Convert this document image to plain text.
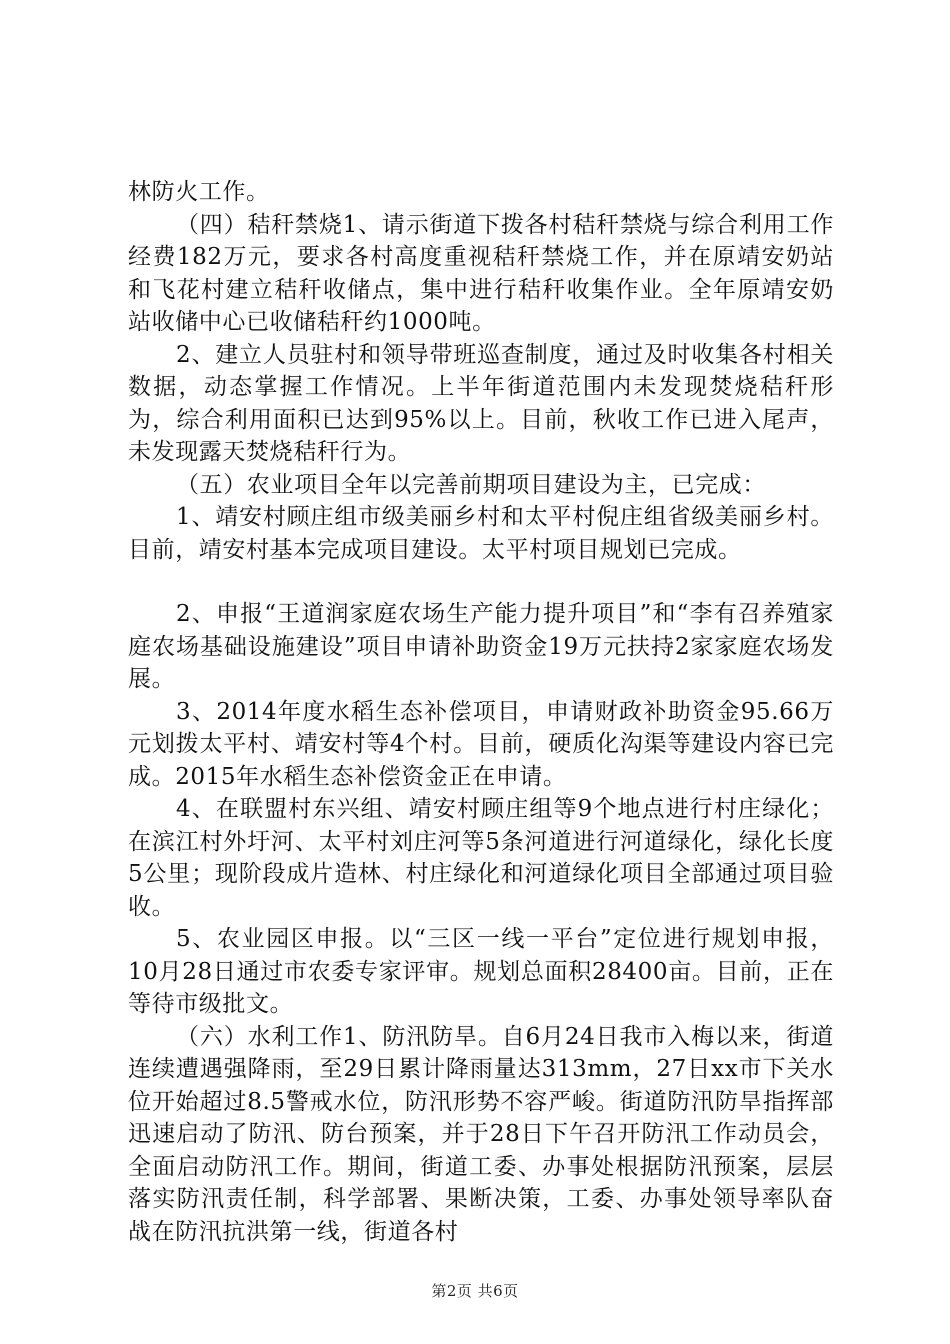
林防火工作。

（四）秸秆禁烧1、请示街道下拨各村秸秆禁烧与综合利用工作经费182万元，要求各村高度重视秸秆禁烧工作，并在原靖安奶站和飞花村建立秸秆收储点，集中进行秸秆收集作业。全年原靖安奶站收储中心已收储秸秆约1000吨。

2、建立人员驻村和领导带班巡查制度，通过及时收集各村相关数据，动态掌握工作情况。上半年街道范围内未发现焚烧秸秆形为，综合利用面积已达到95%以上。目前，秋收工作已进入尾声，未发现露天焚烧秸秆行为。

（五）农业项目全年以完善前期项目建设为主，已完成：

1、靖安村顾庄组市级美丽乡村和太平村倪庄组省级美丽乡村。目前，靖安村基本完成项目建设。太平村项目规划已完成。

2、申报“王道润家庭农场生产能力提升项目”和“李有召养殖家庭农场基础设施建设”项目申请补助资金19万元扶持2家家庭农场发展。

3、2014年度水稻生态补偿项目，申请财政补助资金95.66万元划拨太平村、靖安村等4个村。目前，硬质化沟渠等建设内容已完成。2015年水稻生态补偿资金正在申请。

4、在联盟村东兴组、靖安村顾庄组等9个地点进行村庄绿化；在滨江村外圩河、太平村刘庄河等5条河道进行河道绿化，绿化长度5公里；现阶段成片造林、村庄绿化和河道绿化项目全部通过项目验收。

5、农业园区申报。以“三区一线一平台”定位进行规划申报，10月28日通过市农委专家评审。规划总面积28400亩。目前，正在等待市级批文。

（六）水利工作1、防汛防旱。自6月24日我市入梅以来，街道连续遭遇强降雨，至29日累计降雨量达313mm，27日xx市下关水位开始超过8.5警戒水位，防汛形势不容严峻。街道防汛防旱指挥部迅速启动了防汛、防台预案，并于28日下午召开防汛工作动员会，全面启动防汛工作。期间，街道工委、办事处根据防汛预案，层层落实防汛责任制，科学部署、果断决策，工委、办事处领导率队奋战在防汛抗洪第一线，街道各村

第2页 共6页
